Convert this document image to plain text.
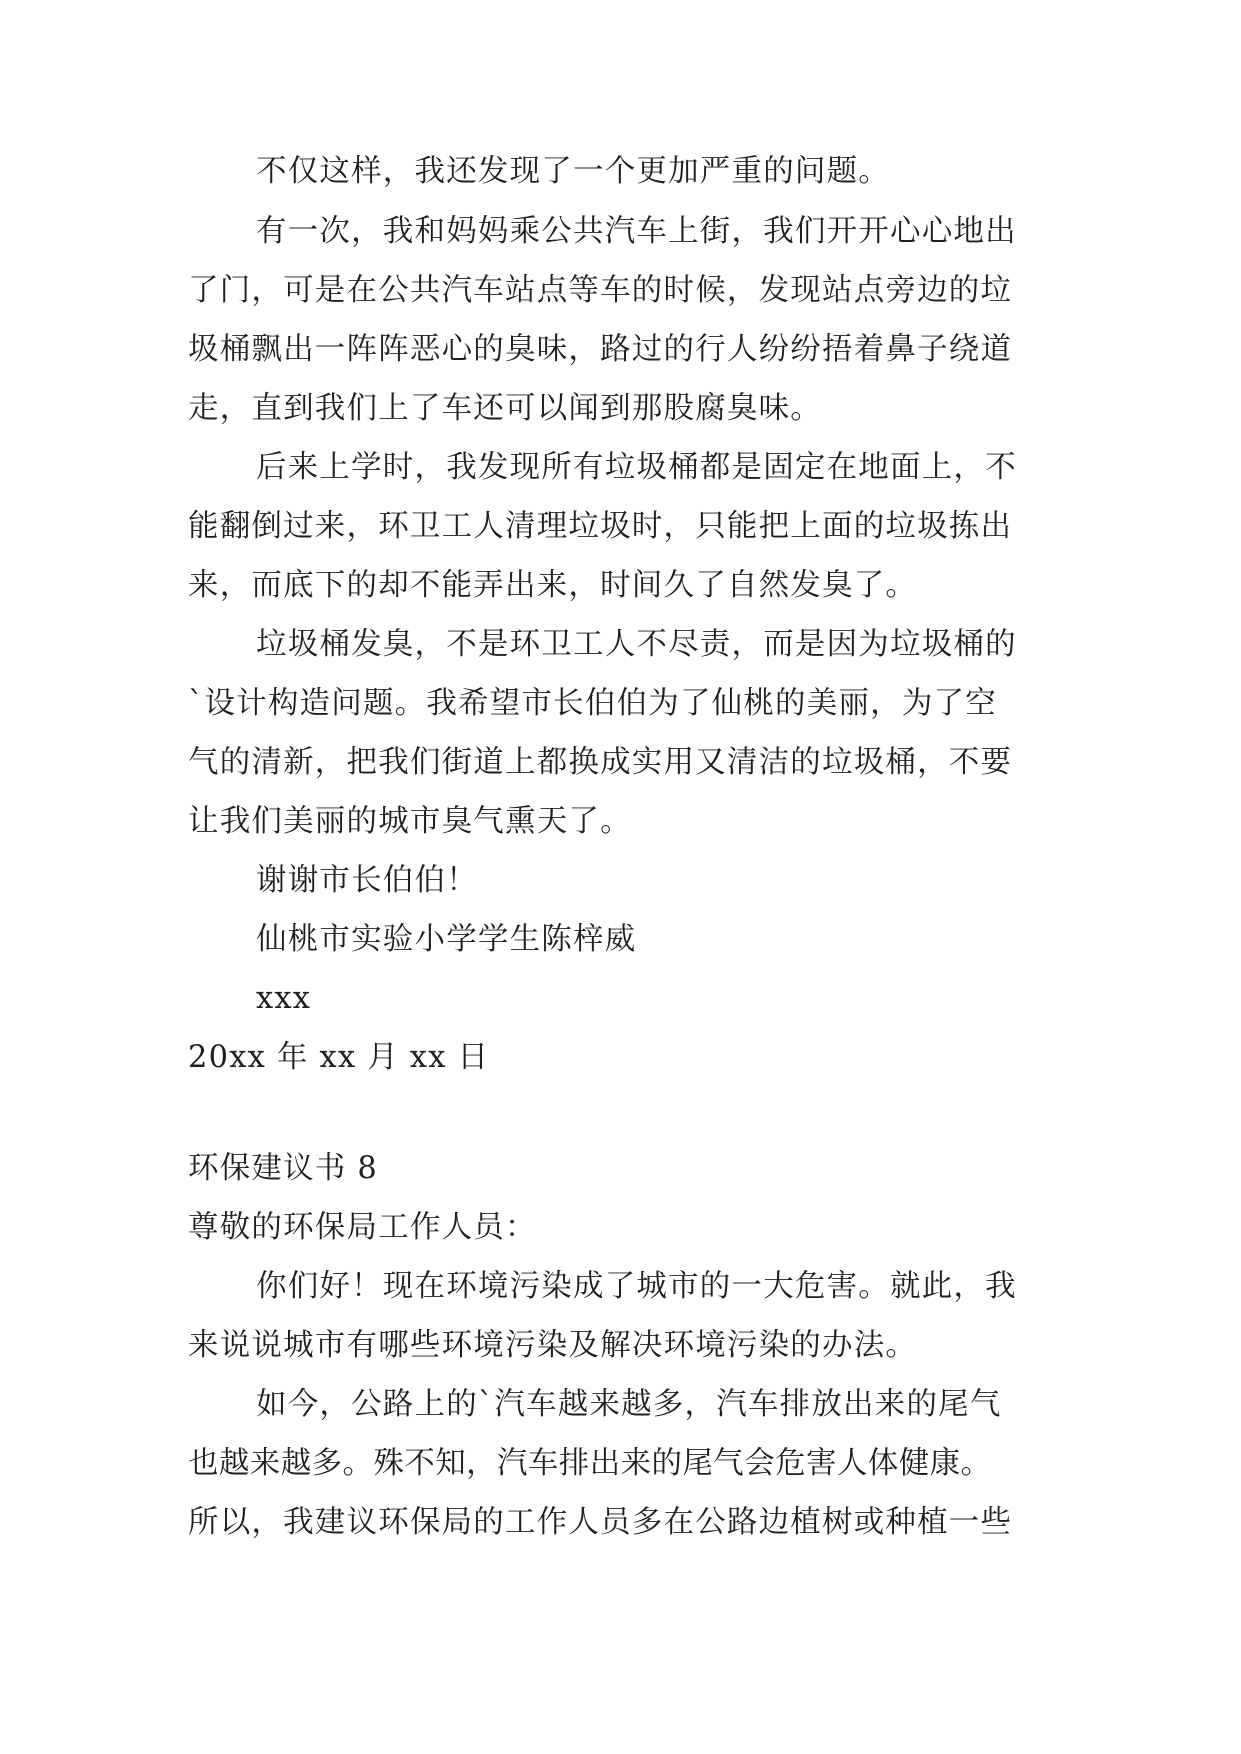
不仅这样，我还发现了一个更加严重的问题。
有一次，我和妈妈乘公共汽车上街，我们开开心心地出
了门，可是在公共汽车站点等车的时候，发现站点旁边的垃
圾桶飘出一阵阵恶心的臭味，路过的行人纷纷捂着鼻子绕道
走，直到我们上了车还可以闻到那股腐臭味。
后来上学时，我发现所有垃圾桶都是固定在地面上，不
能翻倒过来，环卫工人清理垃圾时，只能把上面的垃圾拣出
来，而底下的却不能弄出来，时间久了自然发臭了。
垃圾桶发臭，不是环卫工人不尽责，而是因为垃圾桶的
`设计构造问题。我希望市长伯伯为了仙桃的美丽，为了空
气的清新，把我们街道上都换成实用又清洁的垃圾桶，不要
让我们美丽的城市臭气熏天了。
谢谢市长伯伯！
仙桃市实验小学学生陈梓威
xxx
20xx 年 xx 月 xx 日
环保建议书 8
尊敬的环保局工作人员：
你们好！现在环境污染成了城市的一大危害。就此，我
来说说城市有哪些环境污染及解决环境污染的办法。
如今，公路上的`汽车越来越多，汽车排放出来的尾气
也越来越多。殊不知，汽车排出来的尾气会危害人体健康。
所以，我建议环保局的工作人员多在公路边植树或种植一些
